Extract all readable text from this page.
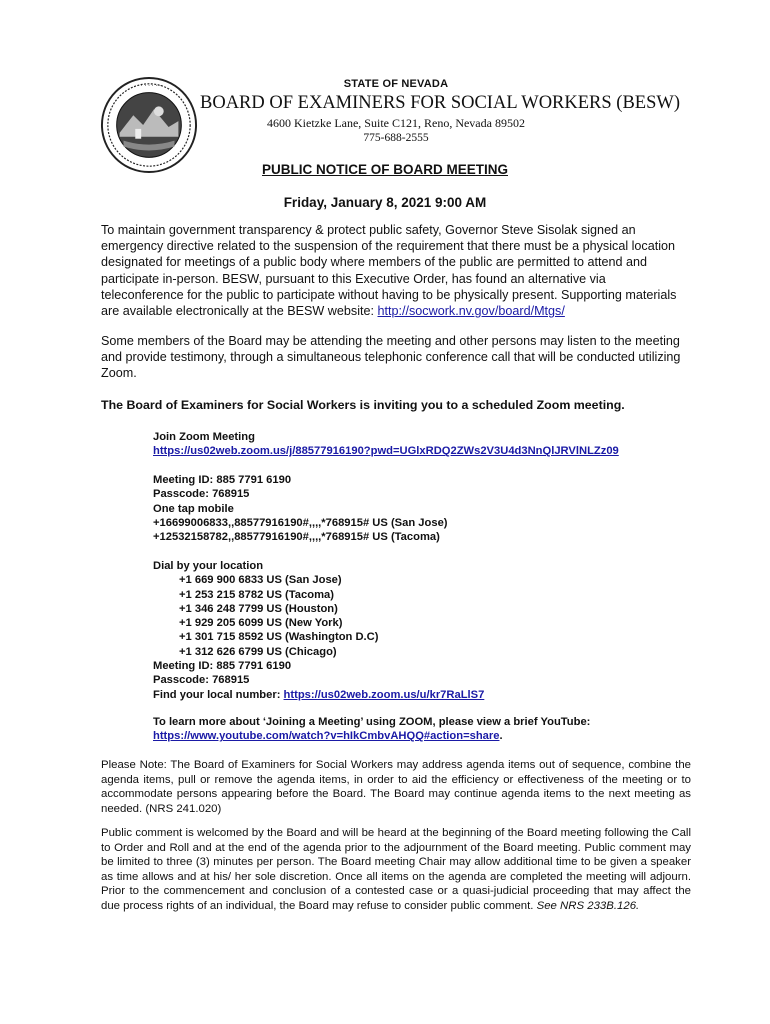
· · · · · · ·	STATE OF NEVADA
BOARD OF EXAMINERS FOR SOCIAL WORKERS (BESW)
4600 Kietzke Lane, Suite C121, Reno, Nevada 89502
775-688-2555
PUBLIC NOTICE OF BOARD MEETING
Friday, January 8, 2021 9:00 AM
To maintain government transparency & protect public safety, Governor Steve Sisolak signed an emergency directive related to the suspension of the requirement that there must be a physical location designated for meetings of a public body where members of the public are permitted to attend and participate in-person. BESW, pursuant to this Executive Order, has found an alternative via teleconference for the public to participate without having to be physically present. Supporting materials are available electronically at the BESW website: http://socwork.nv.gov/board/Mtgs/
Some members of the Board may be attending the meeting and other persons may listen to the meeting and provide testimony, through a simultaneous telephonic conference call that will be conducted utilizing Zoom.
The Board of Examiners for Social Workers is inviting you to a scheduled Zoom meeting.
Join Zoom Meeting
https://us02web.zoom.us/j/88577916190?pwd=UGlxRDQ2ZWs2V3U4d3NnQlJRVlNLZz09
Meeting ID: 885 7791 6190
Passcode: 768915
One tap mobile
+16699006833,,88577916190#,,,,*768915# US (San Jose)
+12532158782,,88577916190#,,,,*768915# US (Tacoma)
Dial by your location
+1 669 900 6833 US (San Jose)
+1 253 215 8782 US (Tacoma)
+1 346 248 7799 US (Houston)
+1 929 205 6099 US (New York)
+1 301 715 8592 US (Washington D.C)
+1 312 626 6799 US (Chicago)
Meeting ID: 885 7791 6190
Passcode: 768915
Find your local number: https://us02web.zoom.us/u/kr7RaLlS7
To learn more about ‘Joining a Meeting’ using ZOOM, please view a brief YouTube:
https://www.youtube.com/watch?v=hIkCmbvAHQQ#action=share.
Please Note: The Board of Examiners for Social Workers may address agenda items out of sequence, combine the agenda items, pull or remove the agenda items, in order to aid the efficiency or effectiveness of the meeting or to accommodate persons appearing before the Board. The Board may continue agenda items to the next meeting as needed. (NRS 241.020)
Public comment is welcomed by the Board and will be heard at the beginning of the Board meeting following the Call to Order and Roll and at the end of the agenda prior to the adjournment of the Board meeting. Public comment may be limited to three (3) minutes per person. The Board meeting Chair may allow additional time to be given a speaker as time allows and at his/ her sole discretion. Once all items on the agenda are completed the meeting will adjourn. Prior to the commencement and conclusion of a contested case or a quasi-judicial proceeding that may affect the due process rights of an individual, the Board may refuse to consider public comment. See NRS 233B.126.
